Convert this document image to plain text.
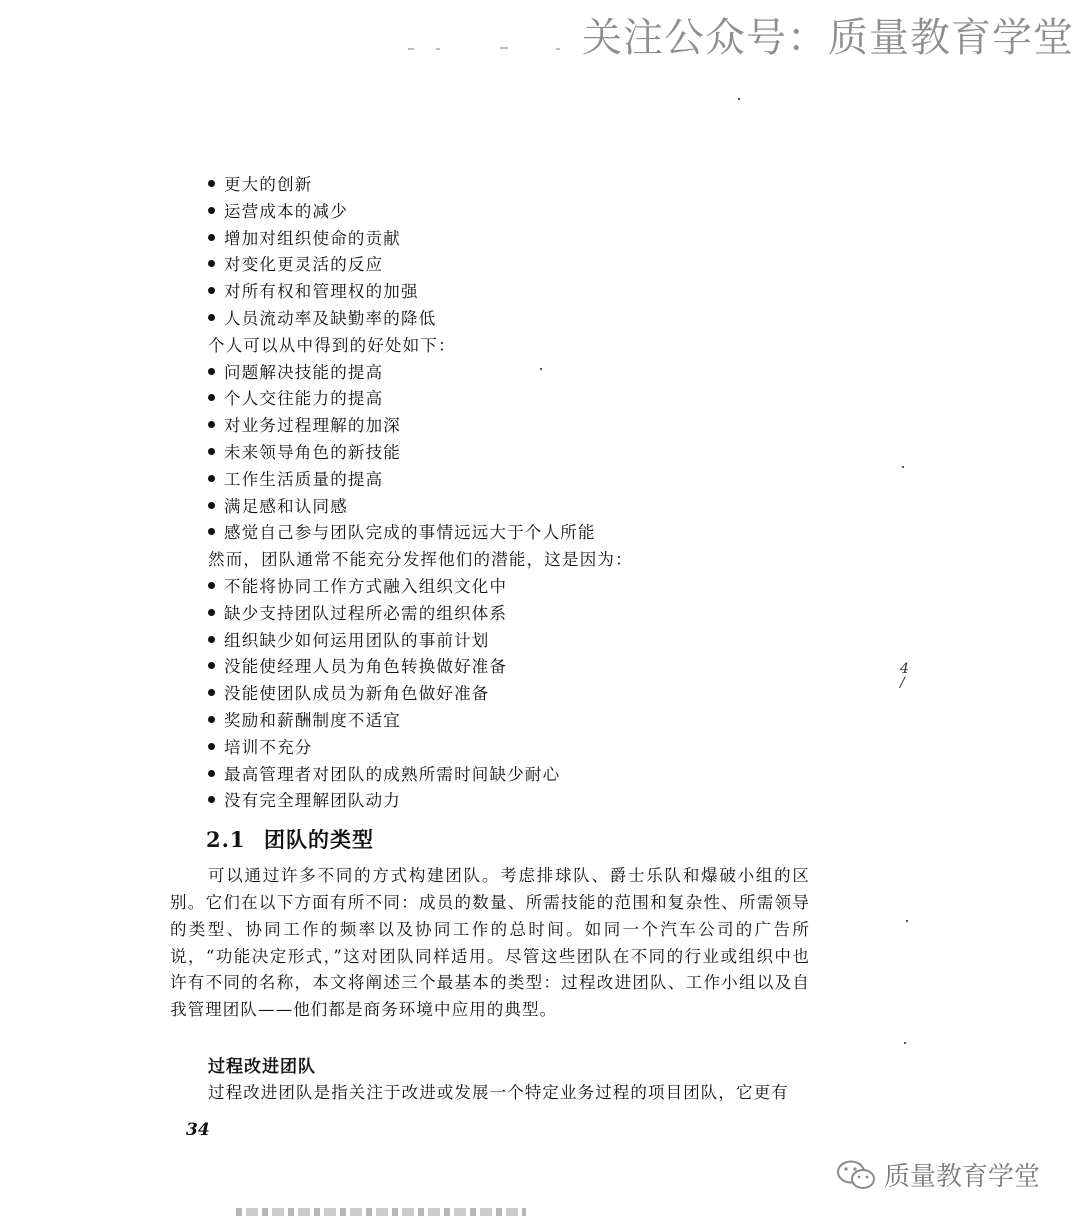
关注公众号：质量教育学堂
4
/
更大的创新
运营成本的减少
增加对组织使命的贡献
对变化更灵活的反应
对所有权和管理权的加强
人员流动率及缺勤率的降低
个人可以从中得到的好处如下：
问题解决技能的提高
个人交往能力的提高
对业务过程理解的加深
未来领导角色的新技能
工作生活质量的提高
满足感和认同感
感觉自己参与团队完成的事情远远大于个人所能
然而，团队通常不能充分发挥他们的潜能，这是因为：
不能将协同工作方式融入组织文化中
缺少支持团队过程所必需的组织体系
组织缺少如何运用团队的事前计划
没能使经理人员为角色转换做好准备
没能使团队成员为新角色做好准备
奖励和薪酬制度不适宜
培训不充分
最高管理者对团队的成熟所需时间缺少耐心
没有完全理解团队动力
2.1 团队的类型

可以通过许多不同的方式构建团队。考虑排球队、爵士乐队和爆破小组的区别。它们在以下方面有所不同：成员的数量、所需技能的范围和复杂性、所需领导的类型、协同工作的频率以及协同工作的总时间。如同一个汽车公司的广告所说，“功能决定形式，”这对团队同样适用。尽管这些团队在不同的行业或组织中也许有不同的名称，本文将阐述三个最基本的类型：过程改进团队、工作小组以及自我管理团队——他们都是商务环境中应用的典型。

过程改进团队
过程改进团队是指关注于改进或发展一个特定业务过程的项目团队，它更有
34
质量教育学堂
